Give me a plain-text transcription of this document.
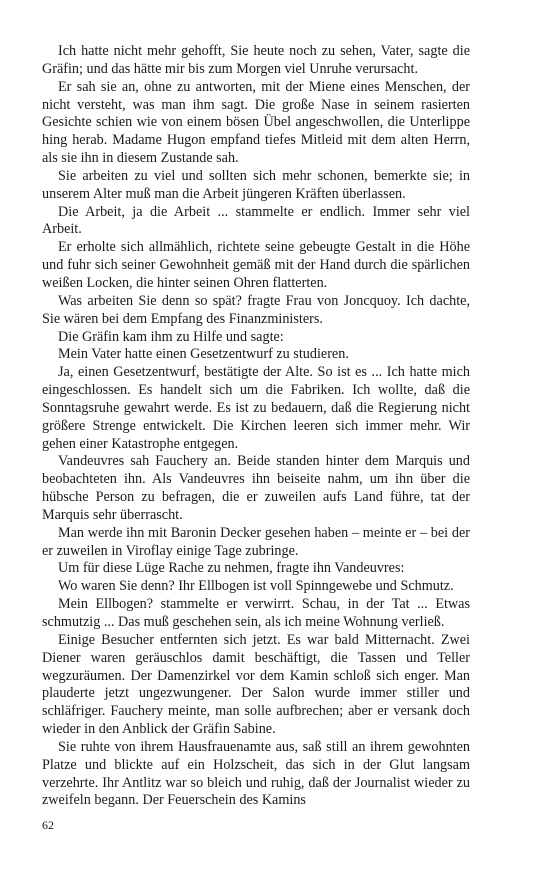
Ich hatte nicht mehr gehofft, Sie heute noch zu sehen, Vater, sagte die Gräfin; und das hätte mir bis zum Morgen viel Unruhe verursacht.

Er sah sie an, ohne zu antworten, mit der Miene eines Menschen, der nicht versteht, was man ihm sagt. Die große Nase in seinem rasierten Gesichte schien wie von einem bösen Übel angeschwollen, die Unterlippe hing herab. Madame Hugon empfand tiefes Mitleid mit dem alten Herrn, als sie ihn in diesem Zustande sah.

Sie arbeiten zu viel und sollten sich mehr schonen, bemerkte sie; in unserem Alter muß man die Arbeit jüngeren Kräften überlassen.

Die Arbeit, ja die Arbeit ... stammelte er endlich. Immer sehr viel Arbeit.

Er erholte sich allmählich, richtete seine gebeugte Gestalt in die Höhe und fuhr sich seiner Gewohnheit gemäß mit der Hand durch die spärlichen weißen Locken, die hinter seinen Ohren flatterten.

Was arbeiten Sie denn so spät? fragte Frau von Joncquoy. Ich dachte, Sie wären bei dem Empfang des Finanzministers.

Die Gräfin kam ihm zu Hilfe und sagte:

Mein Vater hatte einen Gesetzentwurf zu studieren.

Ja, einen Gesetzentwurf, bestätigte der Alte. So ist es ... Ich hatte mich eingeschlossen. Es handelt sich um die Fabriken. Ich wollte, daß die Sonntagsruhe gewahrt werde. Es ist zu bedauern, daß die Regierung nicht größere Strenge entwickelt. Die Kirchen leeren sich immer mehr. Wir gehen einer Katastrophe entgegen.

Vandeuvres sah Fauchery an. Beide standen hinter dem Marquis und beobachteten ihn. Als Vandeuvres ihn beiseite nahm, um ihn über die hübsche Person zu befragen, die er zuweilen aufs Land führe, tat der Marquis sehr überrascht.

Man werde ihn mit Baronin Decker gesehen haben – meinte er – bei der er zuweilen in Viroflay einige Tage zubringe.

Um für diese Lüge Rache zu nehmen, fragte ihn Vandeuvres:

Wo waren Sie denn? Ihr Ellbogen ist voll Spinngewebe und Schmutz.

Mein Ellbogen? stammelte er verwirrt. Schau, in der Tat ... Etwas schmutzig ... Das muß geschehen sein, als ich meine Wohnung verließ.

Einige Besucher entfernten sich jetzt. Es war bald Mitternacht. Zwei Diener waren geräuschlos damit beschäftigt, die Tassen und Teller wegzuräumen. Der Damenzirkel vor dem Kamin schloß sich enger. Man plauderte jetzt ungezwungener. Der Salon wurde immer stiller und schläfriger. Fauchery meinte, man solle aufbrechen; aber er versank doch wieder in den Anblick der Gräfin Sabine.

Sie ruhte von ihrem Hausfrauenamte aus, saß still an ihrem gewohnten Platze und blickte auf ein Holzscheit, das sich in der Glut langsam verzehrte. Ihr Antlitz war so bleich und ruhig, daß der Journalist wieder zu zweifeln begann. Der Feuerschein des Kamins

62
